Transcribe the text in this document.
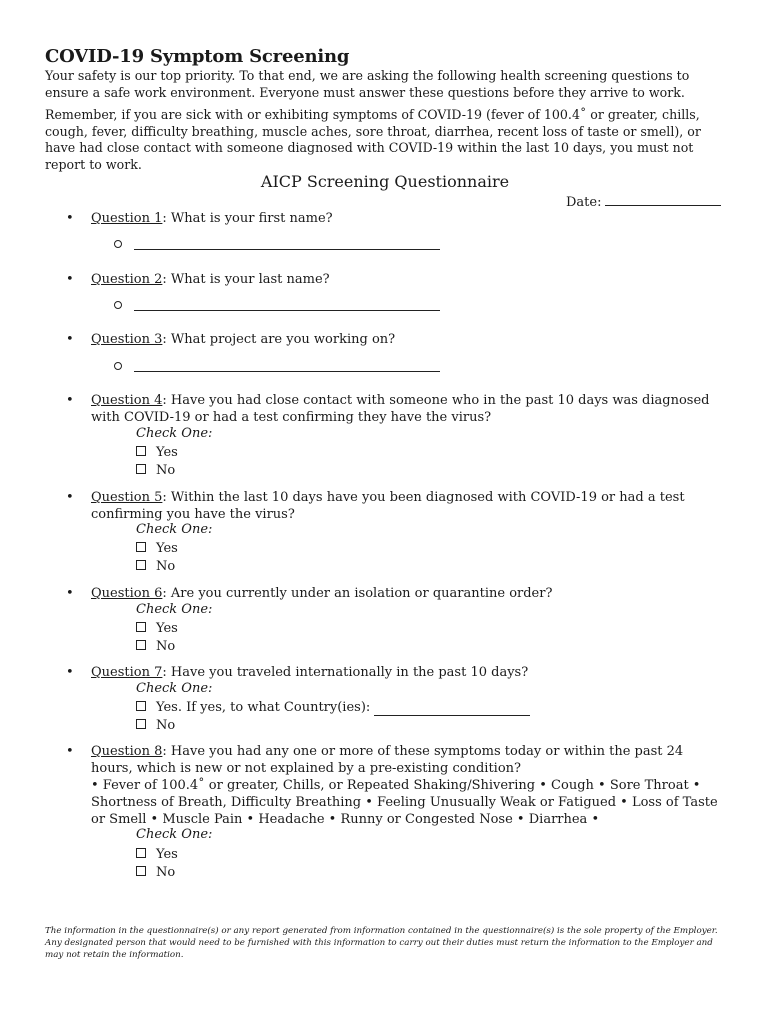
COVID-19 Symptom Screening

Your safety is our top priority. To that end, we are asking the following health screening questions to ensure a safe work environment. Everyone must answer these questions before they arrive to work.

Remember, if you are sick with or exhibiting symptoms of COVID-19 (fever of 100.4˚ or greater, chills, cough, fever, difficulty breathing, muscle aches, sore throat, diarrhea, recent loss of taste or smell), or have had close contact with someone diagnosed with COVID-19 within the last 10 days, you must not report to work.

AICP Screening Questionnaire
Date:
• Question 1: What is your first name?
• Question 2: What is your last name?
• Question 3: What project are you working on?
• Question 4: Have you had close contact with someone who in the past 10 days was diagnosed with COVID-19 or had a test confirming they have the virus?
Check One:
Yes
No
• Question 5: Within the last 10 days have you been diagnosed with COVID-19 or had a test confirming you have the virus?
Check One:
Yes
No
• Question 6: Are you currently under an isolation or quarantine order?
Check One:
Yes
No
• Question 7: Have you traveled internationally in the past 10 days?
Check One:
Yes. If yes, to what Country(ies):
No
• Question 8: Have you had any one or more of these symptoms today or within the past 24 hours, which is new or not explained by a pre-existing condition?
• Fever of 100.4˚ or greater, Chills, or Repeated Shaking/Shivering • Cough • Sore Throat • Shortness of Breath, Difficulty Breathing • Feeling Unusually Weak or Fatigued • Loss of Taste or Smell • Muscle Pain • Headache • Runny or Congested Nose • Diarrhea •
Check One:
Yes
No
The information in the questionnaire(s) or any report generated from information contained in the questionnaire(s) is the sole property of the Employer. Any designated person that would need to be furnished with this information to carry out their duties must return the information to the Employer and may not retain the information.
